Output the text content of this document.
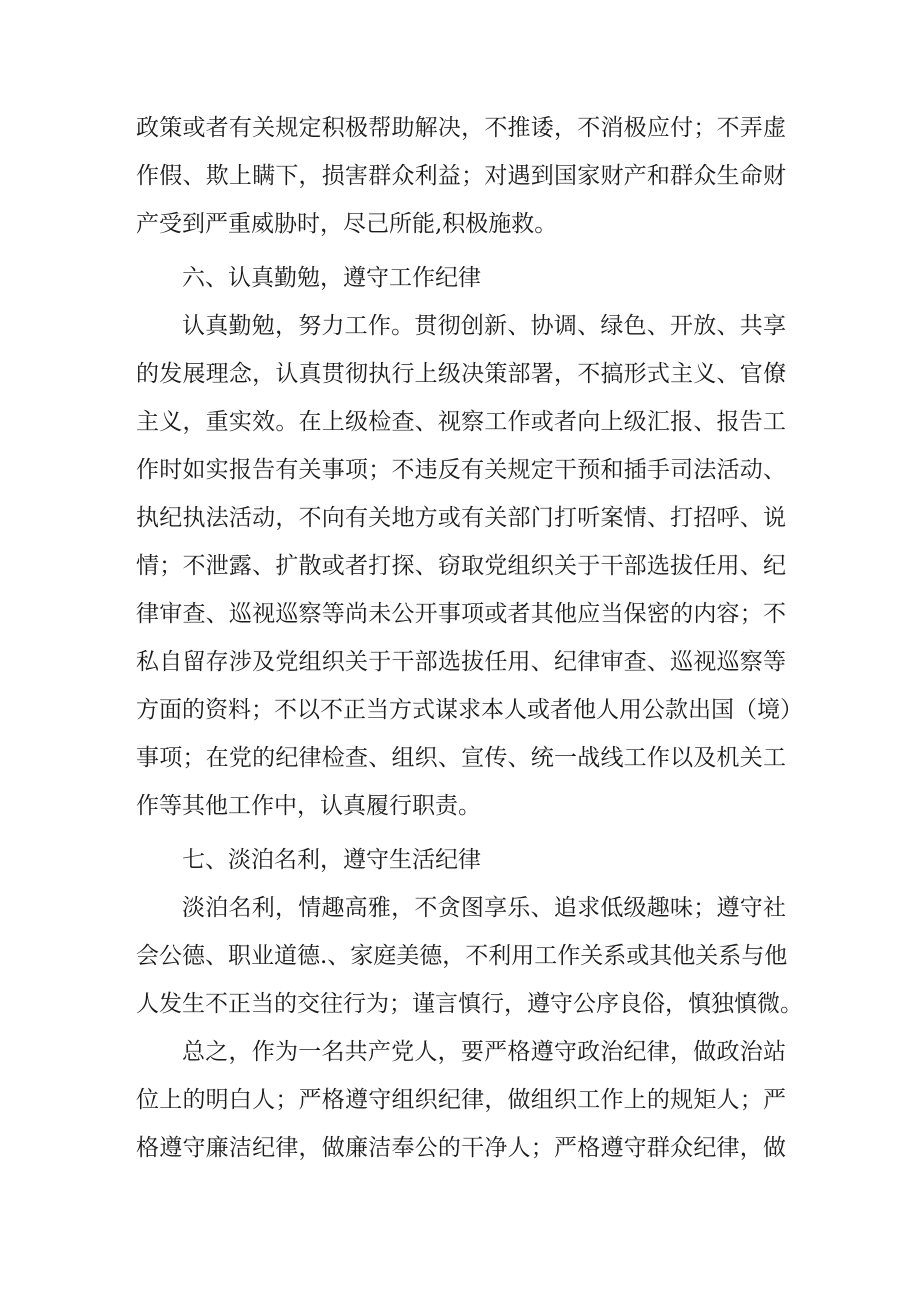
政策或者有关规定积极帮助解决，不推诿，不消极应付；不弄虚
作假、欺上瞒下，损害群众利益；对遇到国家财产和群众生命财
产受到严重威胁时，尽己所能,积极施救。
六、认真勤勉，遵守工作纪律
认真勤勉，努力工作。贯彻创新、协调、绿色、开放、共享
的发展理念，认真贯彻执行上级决策部署，不搞形式主义、官僚
主义，重实效。在上级检查、视察工作或者向上级汇报、报告工
作时如实报告有关事项；不违反有关规定干预和插手司法活动、
执纪执法活动，不向有关地方或有关部门打听案情、打招呼、说
情；不泄露、扩散或者打探、窃取党组织关于干部选拔任用、纪
律审查、巡视巡察等尚未公开事项或者其他应当保密的内容；不
私自留存涉及党组织关于干部选拔任用、纪律审查、巡视巡察等
方面的资料；不以不正当方式谋求本人或者他人用公款出国（境）
事项；在党的纪律检查、组织、宣传、统一战线工作以及机关工
作等其他工作中，认真履行职责。
七、淡泊名利，遵守生活纪律
淡泊名利，情趣高雅，不贪图享乐、追求低级趣味；遵守社
会公德、职业道德.、家庭美德，不利用工作关系或其他关系与他
人发生不正当的交往行为；谨言慎行，遵守公序良俗，慎独慎微。
总之，作为一名共产党人，要严格遵守政治纪律，做政治站
位上的明白人；严格遵守组织纪律，做组织工作上的规矩人；严
格遵守廉洁纪律，做廉洁奉公的干净人；严格遵守群众纪律，做
